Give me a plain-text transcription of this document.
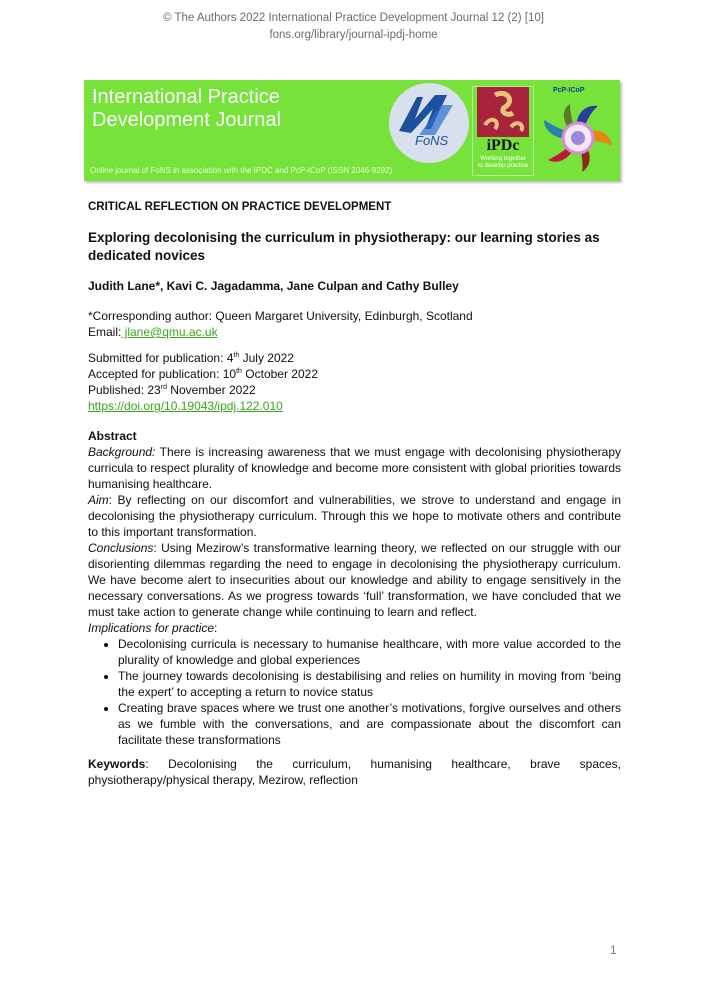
© The Authors 2022 International Practice Development Journal 12 (2) [10]
fons.org/library/journal-ipdj-home
International Practice
Development Journal
Online journal of FoNS in association with the IPDC and PcP-ICoP (ISSN 2046-9292)
FoNS	iPDc
Working together
to develop practice
PcP-ICoP
CRITICAL REFLECTION ON PRACTICE DEVELOPMENT
Exploring decolonising the curriculum in physiotherapy: our learning stories as dedicated novices
Judith Lane*, Kavi C. Jagadamma, Jane Culpan and Cathy Bulley
*Corresponding author: Queen Margaret University, Edinburgh, Scotland
Email: jlane@qmu.ac.uk
Submitted for publication: 4th July 2022
Accepted for publication: 10th October 2022
Published: 23rd November 2022
https://doi.org/10.19043/ipdj.122.010
Abstract

Background: There is increasing awareness that we must engage with decolonising physiotherapy curricula to respect plurality of knowledge and become more consistent with global priorities towards humanising healthcare.

Aim: By reflecting on our discomfort and vulnerabilities, we strove to understand and engage in decolonising the physiotherapy curriculum. Through this we hope to motivate others and contribute to this important transformation.

Conclusions: Using Mezirow’s transformative learning theory, we reflected on our struggle with our disorienting dilemmas regarding the need to engage in decolonising the physiotherapy curriculum. We have become alert to insecurities about our knowledge and ability to engage sensitively in the necessary conversations. As we progress towards ‘full’ transformation, we have concluded that we must take action to generate change while continuing to learn and reflect.

Implications for practice:

• Decolonising curricula is necessary to humanise healthcare, with more value accorded to the plurality of knowledge and global experiences
• The journey towards decolonising is destabilising and relies on humility in moving from ‘being the expert’ to accepting a return to novice status
• Creating brave spaces where we trust one another’s motivations, forgive ourselves and others as we fumble with the conversations, and are compassionate about the discomfort can facilitate these transformations
Keywords: Decolonising the curriculum, humanising healthcare, brave spaces, physiotherapy/physical therapy, Mezirow, reflection
1
